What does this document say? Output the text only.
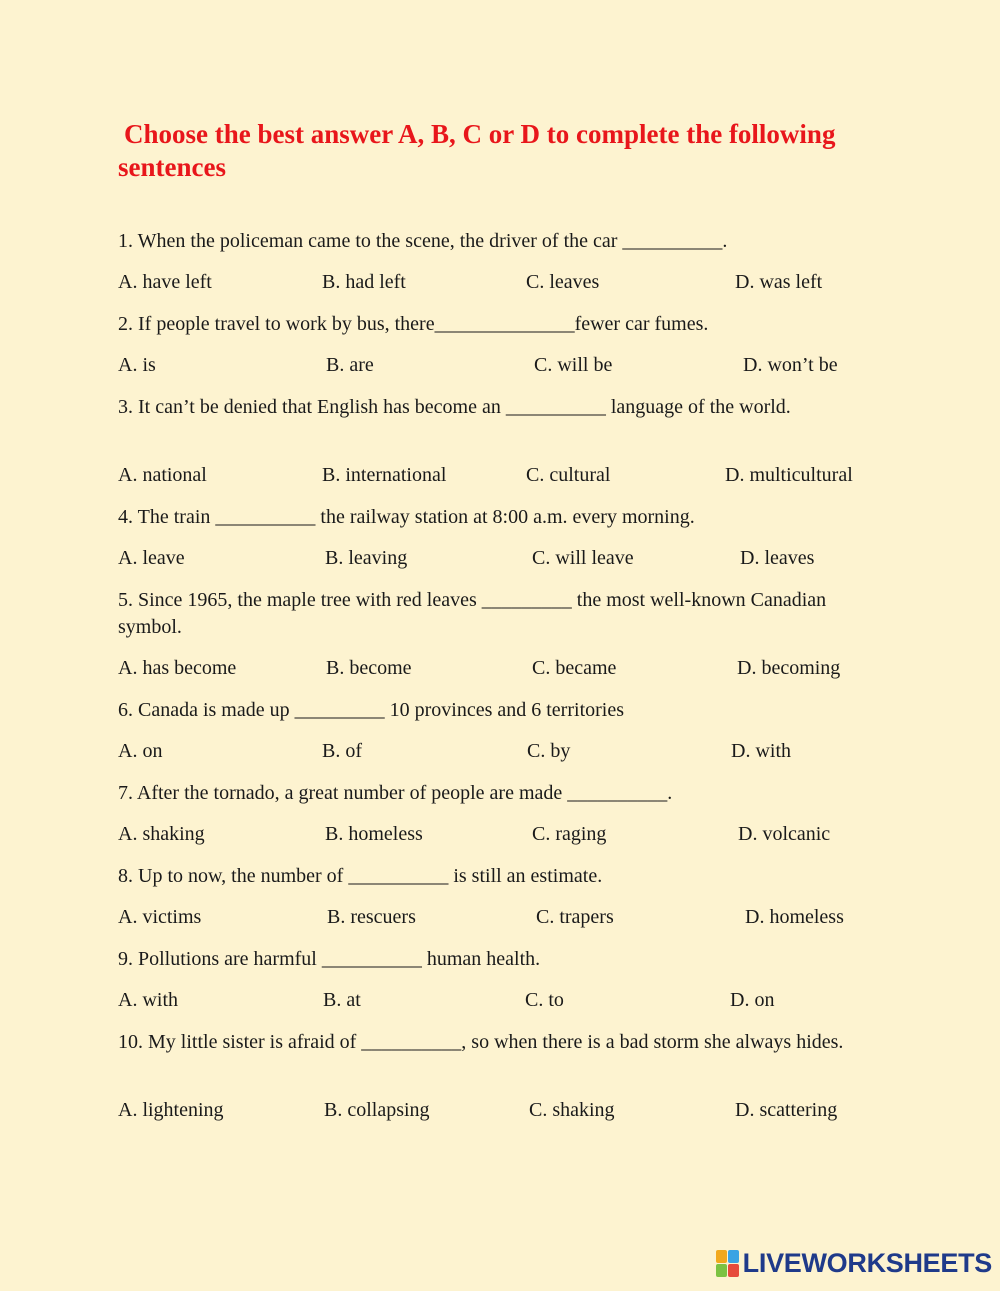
Choose the best answer A, B, C or D to complete the following sentences

1. When the policeman came to the scene, the driver of the car __________.

A. have left	B. had left	C. leaves	D. was left

2. If people travel to work by bus, there______________fewer car fumes.

A. is	B. are	C. will be	D. won’t be

3. It can’t be denied that English has become an __________ language of the world.

A. national	B. international	C. cultural	D. multicultural

4. The train __________ the railway station at 8:00 a.m. every morning.

A. leave	B. leaving	C. will leave	D. leaves

5. Since 1965, the maple tree with red leaves _________ the most well-known Canadian symbol.

A. has become	B. become	C. became	D. becoming

6. Canada is made up _________ 10 provinces and 6 territories

A. on	B. of	C. by	D. with

7. After the tornado, a great number of people are made __________.

A. shaking	B. homeless	C. raging	D. volcanic

8. Up to now, the number of __________ is still an estimate.

A. victims	B. rescuers	C. trapers	D. homeless

9. Pollutions are harmful __________ human health.

A. with	B. at	C. to	D. on

10. My little sister is afraid of __________, so when there is a bad storm she always hides.

A. lightening	B. collapsing	C. shaking	D. scattering
LIVEWORKSHEETS
